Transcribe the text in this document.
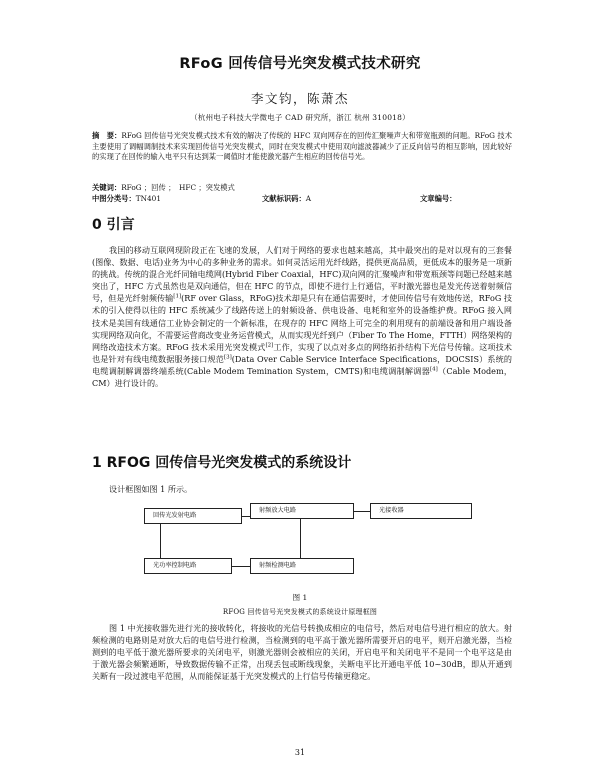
RFoG 回传信号光突发模式技术研究
李文钧，陈萧杰
（杭州电子科技大学微电子 CAD 研究所，浙江 杭州 310018）
摘　要：RFoG 回传信号光突发模式技术有效的解决了传统的 HFC 双向网存在的回传汇聚噪声大和带宽瓶颈的问题。RFoG 技术主要使用了调幅调制技术来实现回传信号光突发模式，同时在突发模式中使用双向滤波器减少了正反向信号的相互影响，因此较好的实现了在回传的输入电平只有达到某一阈值时才能使激光器产生相应的回传信号光。
关键词：RFoG ；回传 ；　HFC ；突发模式
中图分类号：TN401	文献标识码：A	文章编号：
0 引言
我国的移动互联网现阶段正在飞速的发展，人们对于网络的要求也越来越高，其中最突出的是对以现有的三套餐(图像、数据、电话)业务为中心的多种业务的需求。如何灵活运用光纤线路，提供更高品质，更低成本的服务是一项新的挑战。传统的混合光纤同轴电缆网(Hybrid Fiber Coaxial，HFC)双向网的汇聚噪声和带宽瓶颈等问题已经越来越突出了，HFC 方式虽然也是双向通信，但在 HFC 的节点，即使不进行上行通信，平时激光器也是发光传送着射频信号，但是光纤射频传输[1](RF over Glass，RFoG)技术却是只有在通信需要时，才使回传信号有效地传送，RFoG 技术的引入使得以往的 HFC 系统减少了线路传送上的射频设备、供电设备、电耗和室外的设备维护费。RFoG 接入网技术是美国有线通信工业协会制定的一个新标准，在现存的 HFC 网络上可完全的利用现有的前端设备和用户端设备实现网络双向化，不需要运营商改变业务运营模式，从而实现光纤到户（Fiber To The Home，FTTH）网络架构的网络改造技术方案。RFoG 技术采用光突发模式[2]工作，实现了以点对多点的网络拓扑结构下光信号传输。这项技术也是针对有线电缆数据服务接口规范[3](Data Over Cable Service Interface Specifications，DOCSIS）系统的电缆调制解调器终端系统(Cable Modem Temination System，CMTS)和电缆调制解调器[4]（Cable Modem，CM）进行设计的。
1 RFOG 回传信号光突发模式的系统设计
设计框图如图 1 所示。
回传光发射电路
射频放大电路	光接收器
光功率控制电路	射频检测电路
图 1
RFOG 回传信号光突发模式的系统设计原理框图
图 1 中光接收器先进行光的接收转化，将接收的光信号转换成相应的电信号，然后对电信号进行相应的放大。射频检测的电路则是对放大后的电信号进行检测，当检测到的电平高于激光器所需要开启的电平，则开启激光器，当检测到的电平低于激光器所要求的关闭电平，则激光器则会被相应的关闭，开启电平和关闭电平不是同一个电平这是由于激光器会频繁通断，导致数据传输不正常，出现丢包或断线现象，关断电平比开通电平低 10~30dB，即从开通到关断有一段过渡电平范围，从而能保证基于光突发模式的上行信号传输更稳定。
31
